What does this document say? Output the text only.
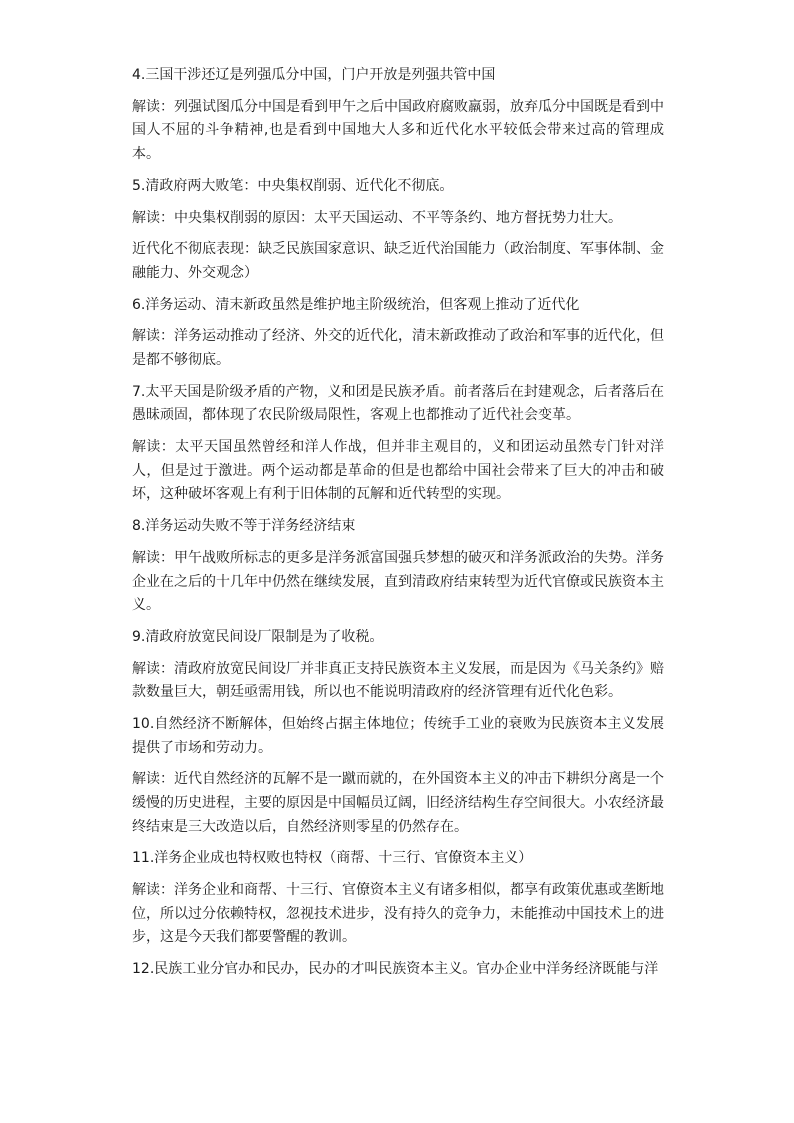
4.三国干涉还辽是列强瓜分中国，门户开放是列强共管中国

解读：列强试图瓜分中国是看到甲午之后中国政府腐败羸弱，放弃瓜分中国既是看到中国人不屈的斗争精神,也是看到中国地大人多和近代化水平较低会带来过高的管理成本。

5.清政府两大败笔：中央集权削弱、近代化不彻底。

解读：中央集权削弱的原因：太平天国运动、不平等条约、地方督抚势力壮大。

近代化不彻底表现：缺乏民族国家意识、缺乏近代治国能力（政治制度、军事体制、金融能力、外交观念）

6.洋务运动、清末新政虽然是维护地主阶级统治，但客观上推动了近代化

解读：洋务运动推动了经济、外交的近代化，清末新政推动了政治和军事的近代化，但是都不够彻底。

7.太平天国是阶级矛盾的产物，义和团是民族矛盾。前者落后在封建观念，后者落后在愚昧顽固，都体现了农民阶级局限性，客观上也都推动了近代社会变革。

解读：太平天国虽然曾经和洋人作战，但并非主观目的，义和团运动虽然专门针对洋人，但是过于激进。两个运动都是革命的但是也都给中国社会带来了巨大的冲击和破坏，这种破坏客观上有利于旧体制的瓦解和近代转型的实现。

8.洋务运动失败不等于洋务经济结束

解读：甲午战败所标志的更多是洋务派富国强兵梦想的破灭和洋务派政治的失势。洋务企业在之后的十几年中仍然在继续发展，直到清政府结束转型为近代官僚或民族资本主义。

9.清政府放宽民间设厂限制是为了收税。

解读：清政府放宽民间设厂并非真正支持民族资本主义发展，而是因为《马关条约》赔款数量巨大，朝廷亟需用钱，所以也不能说明清政府的经济管理有近代化色彩。

10.自然经济不断解体，但始终占据主体地位；传统手工业的衰败为民族资本主义发展提供了市场和劳动力。

解读：近代自然经济的瓦解不是一蹴而就的，在外国资本主义的冲击下耕织分离是一个缓慢的历史进程，主要的原因是中国幅员辽阔，旧经济结构生存空间很大。小农经济最终结束是三大改造以后，自然经济则零星的仍然存在。

11.洋务企业成也特权败也特权（商帮、十三行、官僚资本主义）

解读：洋务企业和商帮、十三行、官僚资本主义有诸多相似，都享有政策优惠或垄断地位，所以过分依赖特权，忽视技术进步，没有持久的竞争力，未能推动中国技术上的进步，这是今天我们都要警醒的教训。

12.民族工业分官办和民办，民办的才叫民族资本主义。官办企业中洋务经济既能与洋
